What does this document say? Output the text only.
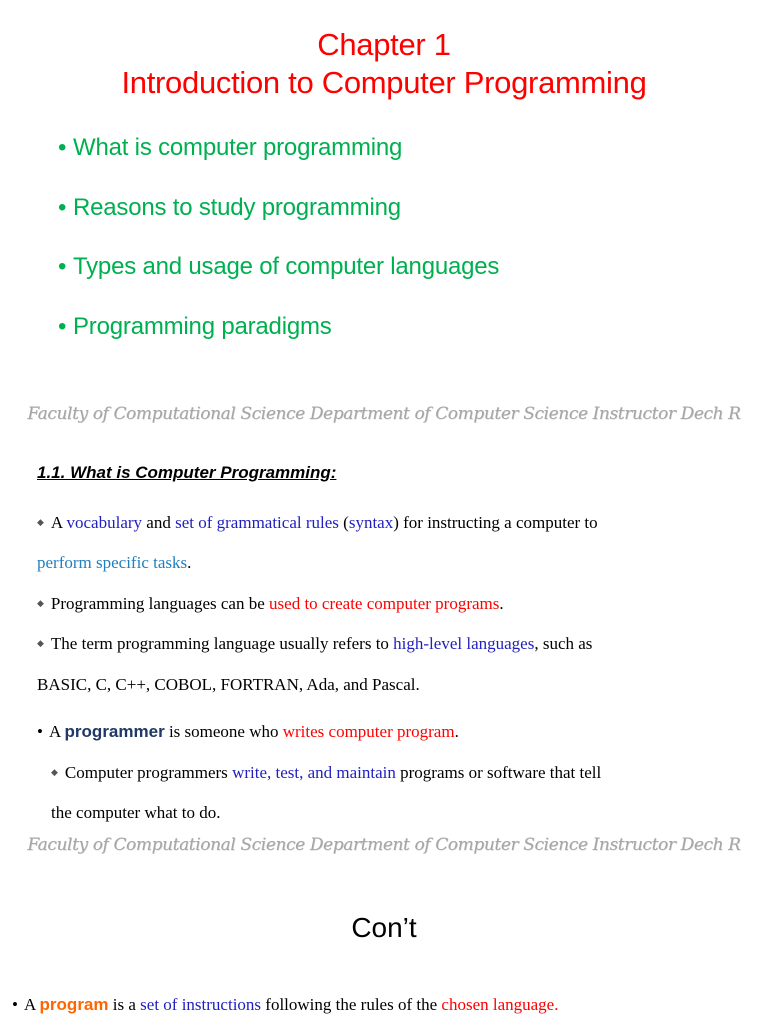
Chapter 1
Introduction to Computer Programming
• What is computer programming
• Reasons to study programming
• Types and usage of computer languages
• Programming paradigms
Faculty of Computational Science Department of Computer Science Instructor Dech R
1.1. What is Computer Programming:
◆ A vocabulary and set of grammatical rules (syntax) for instructing a computer to
perform specific tasks.
◆ Programming languages can be used to create computer programs.
◆ The term programming language usually refers to high-level languages, such as
BASIC, C, C++, COBOL, FORTRAN, Ada, and Pascal.
• A programmer is someone who writes computer program.
◆ Computer programmers write, test, and maintain programs or software that tell
the computer what to do.
Faculty of Computational Science Department of Computer Science Instructor Dech R
Con’t
• A program is a set of instructions following the rules of the chosen language.
